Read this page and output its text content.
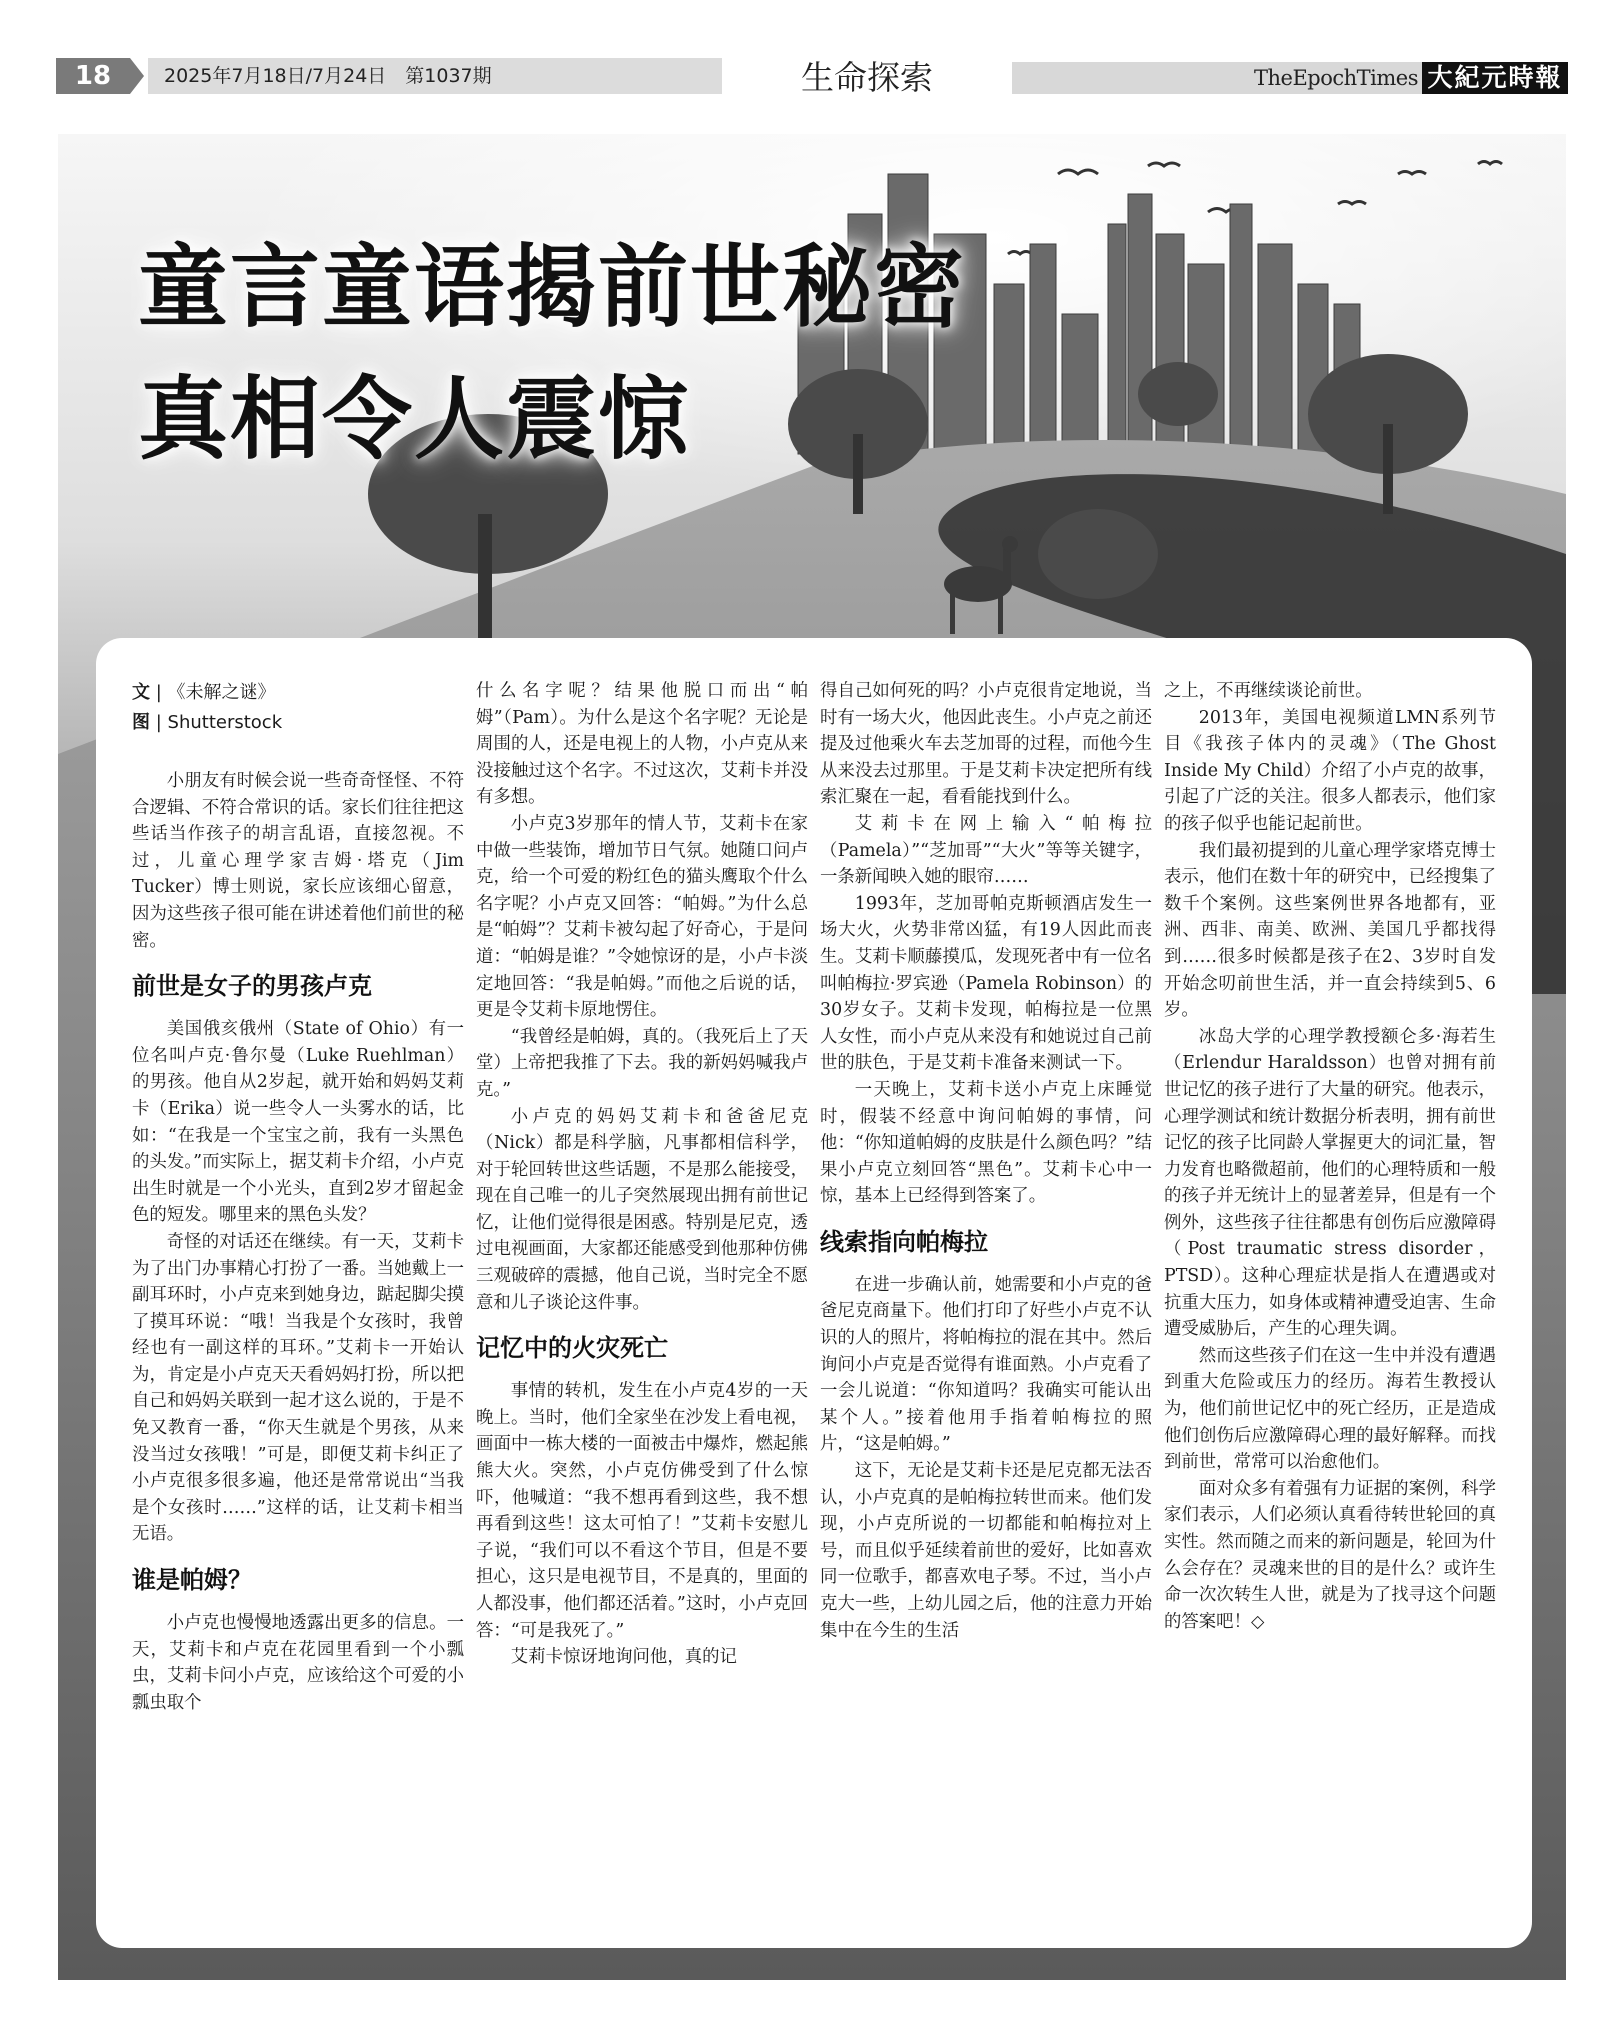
18	2025年7月18日/7月24日　第1037期	TheEpochTimes 大紀元時報
生命探索
童言童语揭前世秘密
真相令人震惊
文 | 《未解之谜》
图 | Shutterstock

小朋友有时候会说一些奇奇怪怪、不符合逻辑、不符合常识的话。家长们往往把这些话当作孩子的胡言乱语，直接忽视。不过，儿童心理学家吉姆·塔克（Jim Tucker）博士则说，家长应该细心留意，因为这些孩子很可能在讲述着他们前世的秘密。

前世是女子的男孩卢克

美国俄亥俄州（State of Ohio）有一位名叫卢克·鲁尔曼（Luke Ruehlman）的男孩。他自从2岁起，就开始和妈妈艾莉卡（Erika）说一些令人一头雾水的话，比如：“在我是一个宝宝之前，我有一头黑色的头发。”而实际上，据艾莉卡介绍，小卢克出生时就是一个小光头，直到2岁才留起金色的短发。哪里来的黑色头发？

奇怪的对话还在继续。有一天，艾莉卡为了出门办事精心打扮了一番。当她戴上一副耳环时，小卢克来到她身边，踮起脚尖摸了摸耳环说：“哦！当我是个女孩时，我曾经也有一副这样的耳环。”艾莉卡一开始认为，肯定是小卢克天天看妈妈打扮，所以把自己和妈妈关联到一起才这么说的，于是不免又教育一番，“你天生就是个男孩，从来没当过女孩哦！”可是，即便艾莉卡纠正了小卢克很多很多遍，他还是常常说出“当我是个女孩时……”这样的话，让艾莉卡相当无语。

谁是帕姆？

小卢克也慢慢地透露出更多的信息。一天，艾莉卡和卢克在花园里看到一个小瓢虫，艾莉卡问小卢克，应该给这个可爱的小瓢虫取个

什么名字呢？结果他脱口而出“帕姆”（Pam）。为什么是这个名字呢？无论是周围的人，还是电视上的人物，小卢克从来没接触过这个名字。不过这次，艾莉卡并没有多想。

小卢克3岁那年的情人节，艾莉卡在家中做一些装饰，增加节日气氛。她随口问卢克，给一个可爱的粉红色的猫头鹰取个什么名字呢？小卢克又回答：“帕姆。”为什么总是“帕姆”？艾莉卡被勾起了好奇心，于是问道：“帕姆是谁？”令她惊讶的是，小卢卡淡定地回答：“我是帕姆。”而他之后说的话，更是令艾莉卡原地愣住。

“我曾经是帕姆，真的。（我死后上了天堂）上帝把我推了下去。我的新妈妈喊我卢克。”

小卢克的妈妈艾莉卡和爸爸尼克（Nick）都是科学脑，凡事都相信科学，对于轮回转世这些话题，不是那么能接受，现在自己唯一的儿子突然展现出拥有前世记忆，让他们觉得很是困惑。特别是尼克，透过电视画面，大家都还能感受到他那种仿佛三观破碎的震撼，他自己说，当时完全不愿意和儿子谈论这件事。

记忆中的火灾死亡

事情的转机，发生在小卢克4岁的一天晚上。当时，他们全家坐在沙发上看电视，画面中一栋大楼的一面被击中爆炸，燃起熊熊大火。突然，小卢克仿佛受到了什么惊吓，他喊道：“我不想再看到这些，我不想再看到这些！这太可怕了！”艾莉卡安慰儿子说，“我们可以不看这个节目，但是不要担心，这只是电视节目，不是真的，里面的人都没事，他们都还活着。”这时，小卢克回答：“可是我死了。”

艾莉卡惊讶地询问他，真的记

得自己如何死的吗？小卢克很肯定地说，当时有一场大火，他因此丧生。小卢克之前还提及过他乘火车去芝加哥的过程，而他今生从来没去过那里。于是艾莉卡决定把所有线索汇聚在一起，看看能找到什么。

艾莉卡在网上输入“帕梅拉（Pamela）”“芝加哥”“大火”等等关键字，一条新闻映入她的眼帘……

1993年，芝加哥帕克斯顿酒店发生一场大火，火势非常凶猛，有19人因此而丧生。艾莉卡顺藤摸瓜，发现死者中有一位名叫帕梅拉·罗宾逊（Pamela Robinson）的30岁女子。艾莉卡发现，帕梅拉是一位黑人女性，而小卢克从来没有和她说过自己前世的肤色，于是艾莉卡准备来测试一下。

一天晚上，艾莉卡送小卢克上床睡觉时，假装不经意中询问帕姆的事情，问他：“你知道帕姆的皮肤是什么颜色吗？”结果小卢克立刻回答“黑色”。艾莉卡心中一惊，基本上已经得到答案了。

线索指向帕梅拉

在进一步确认前，她需要和小卢克的爸爸尼克商量下。他们打印了好些小卢克不认识的人的照片，将帕梅拉的混在其中。然后询问小卢克是否觉得有谁面熟。小卢克看了一会儿说道：“你知道吗？我确实可能认出某个人。”接着他用手指着帕梅拉的照片，“这是帕姆。”

这下，无论是艾莉卡还是尼克都无法否认，小卢克真的是帕梅拉转世而来。他们发现，小卢克所说的一切都能和帕梅拉对上号，而且似乎延续着前世的爱好，比如喜欢同一位歌手，都喜欢电子琴。不过，当小卢克大一些，上幼儿园之后，他的注意力开始集中在今生的生活

之上，不再继续谈论前世。

2013年，美国电视频道LMN系列节目《我孩子体内的灵魂》（The Ghost Inside My Child）介绍了小卢克的故事，引起了广泛的关注。很多人都表示，他们家的孩子似乎也能记起前世。

我们最初提到的儿童心理学家塔克博士表示，他们在数十年的研究中，已经搜集了数千个案例。这些案例世界各地都有，亚洲、西非、南美、欧洲、美国几乎都找得到……很多时候都是孩子在2、3岁时自发开始念叨前世生活，并一直会持续到5、6岁。

冰岛大学的心理学教授额仑多·海若生（Erlendur Haraldsson）也曾对拥有前世记忆的孩子进行了大量的研究。他表示，心理学测试和统计数据分析表明，拥有前世记忆的孩子比同龄人掌握更大的词汇量，智力发育也略微超前，他们的心理特质和一般的孩子并无统计上的显著差异，但是有一个例外，这些孩子往往都患有创伤后应激障碍（Post traumatic stress disorder，PTSD）。这种心理症状是指人在遭遇或对抗重大压力，如身体或精神遭受迫害、生命遭受威胁后，产生的心理失调。

然而这些孩子们在这一生中并没有遭遇到重大危险或压力的经历。海若生教授认为，他们前世记忆中的死亡经历，正是造成他们创伤后应激障碍心理的最好解释。而找到前世，常常可以治愈他们。

面对众多有着强有力证据的案例，科学家们表示，人们必须认真看待转世轮回的真实性。然而随之而来的新问题是，轮回为什么会存在？灵魂来世的目的是什么？或许生命一次次转生人世，就是为了找寻这个问题的答案吧！◇
